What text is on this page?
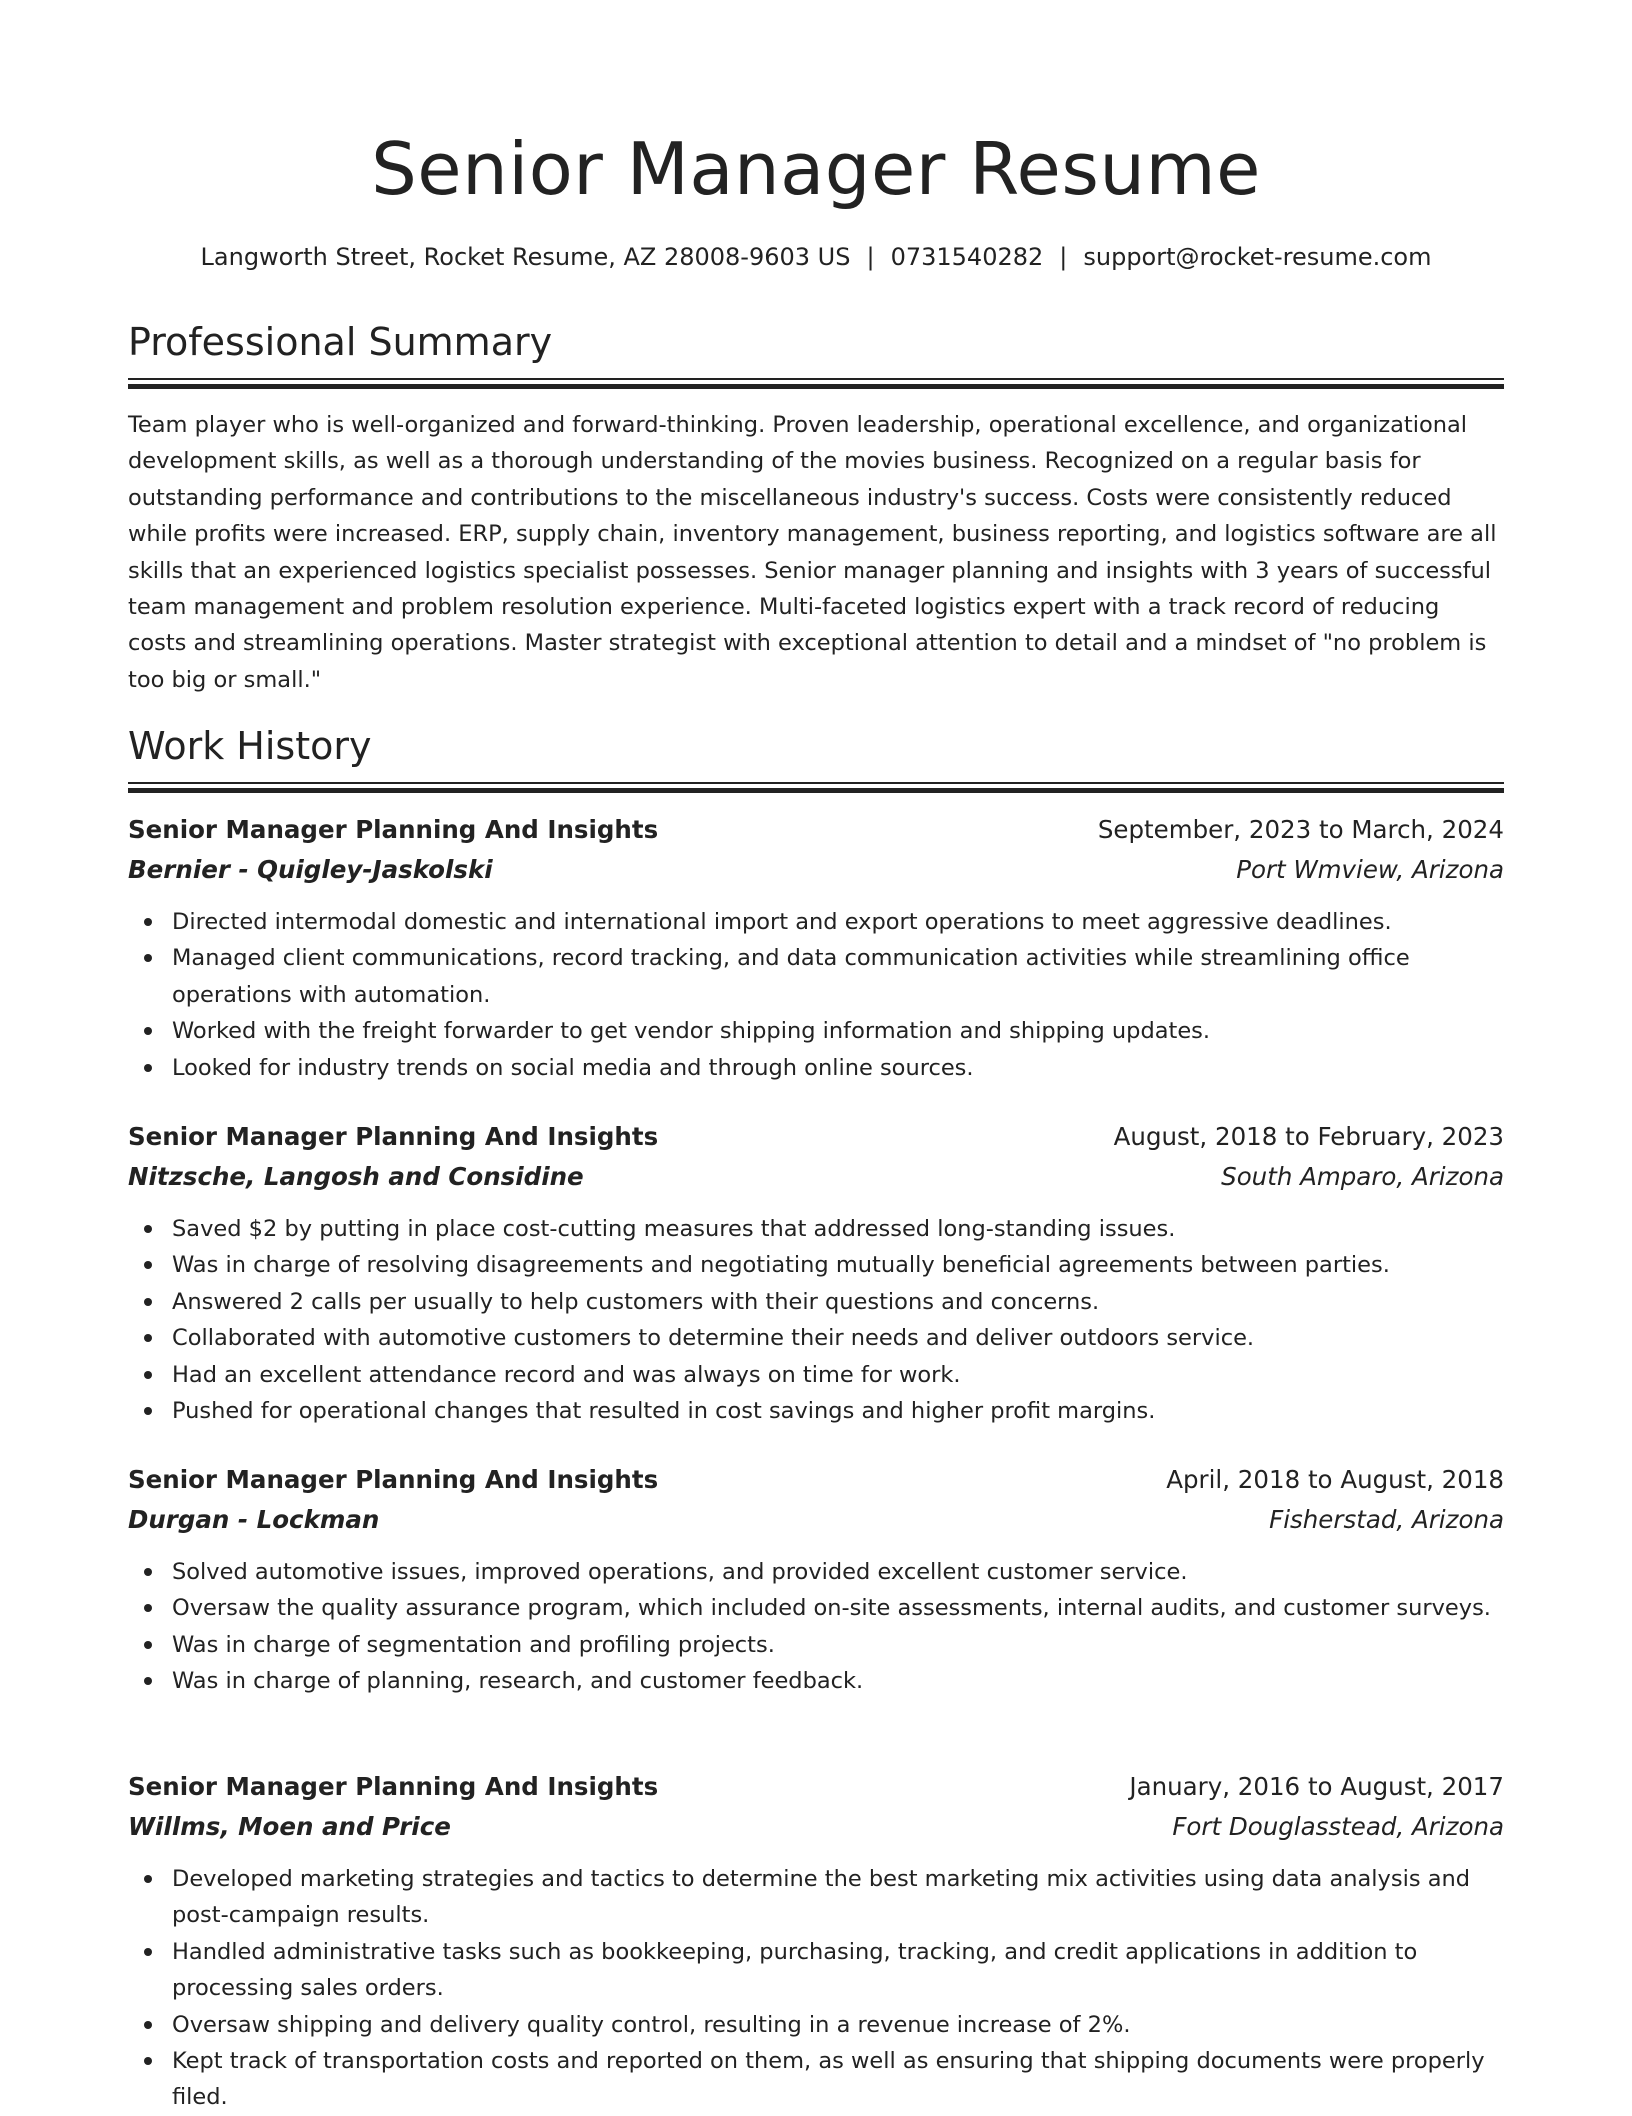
Senior Manager Resume
Langworth Street, Rocket Resume, AZ 28008-9603 US | 0731540282 | support@rocket-resume.com
Professional Summary

Team player who is well-organized and forward-thinking. Proven leadership, operational excellence, and organizational development skills, as well as a thorough understanding of the movies business. Recognized on a regular basis for outstanding performance and contributions to the miscellaneous industry's success. Costs were consistently reduced while profits were increased. ERP, supply chain, inventory management, business reporting, and logistics software are all skills that an experienced logistics specialist possesses. Senior manager planning and insights with 3 years of successful team management and problem resolution experience. Multi-faceted logistics expert with a track record of reducing costs and streamlining operations. Master strategist with exceptional attention to detail and a mindset of "no problem is too big or small."

Work History
Senior Manager Planning And Insights	September, 2023 to March, 2024
Bernier - Quigley-Jaskolski	Port Wmview, Arizona
Directed intermodal domestic and international import and export operations to meet aggressive deadlines.
Managed client communications, record tracking, and data communication activities while streamlining office operations with automation.
Worked with the freight forwarder to get vendor shipping information and shipping updates.
Looked for industry trends on social media and through online sources.
Senior Manager Planning And Insights	August, 2018 to February, 2023
Nitzsche, Langosh and Considine	South Amparo, Arizona
Saved $2 by putting in place cost-cutting measures that addressed long-standing issues.
Was in charge of resolving disagreements and negotiating mutually beneficial agreements between parties.
Answered 2 calls per usually to help customers with their questions and concerns.
Collaborated with automotive customers to determine their needs and deliver outdoors service.
Had an excellent attendance record and was always on time for work.
Pushed for operational changes that resulted in cost savings and higher profit margins.
Senior Manager Planning And Insights	April, 2018 to August, 2018
Durgan - Lockman	Fisherstad, Arizona
Solved automotive issues, improved operations, and provided excellent customer service.
Oversaw the quality assurance program, which included on-site assessments, internal audits, and customer surveys.
Was in charge of segmentation and profiling projects.
Was in charge of planning, research, and customer feedback.
Senior Manager Planning And Insights	January, 2016 to August, 2017
Willms, Moen and Price	Fort Douglasstead, Arizona
Developed marketing strategies and tactics to determine the best marketing mix activities using data analysis and post-campaign results.
Handled administrative tasks such as bookkeeping, purchasing, tracking, and credit applications in addition to processing sales orders.
Oversaw shipping and delivery quality control, resulting in a revenue increase of 2%.
Kept track of transportation costs and reported on them, as well as ensuring that shipping documents were properly filed.
